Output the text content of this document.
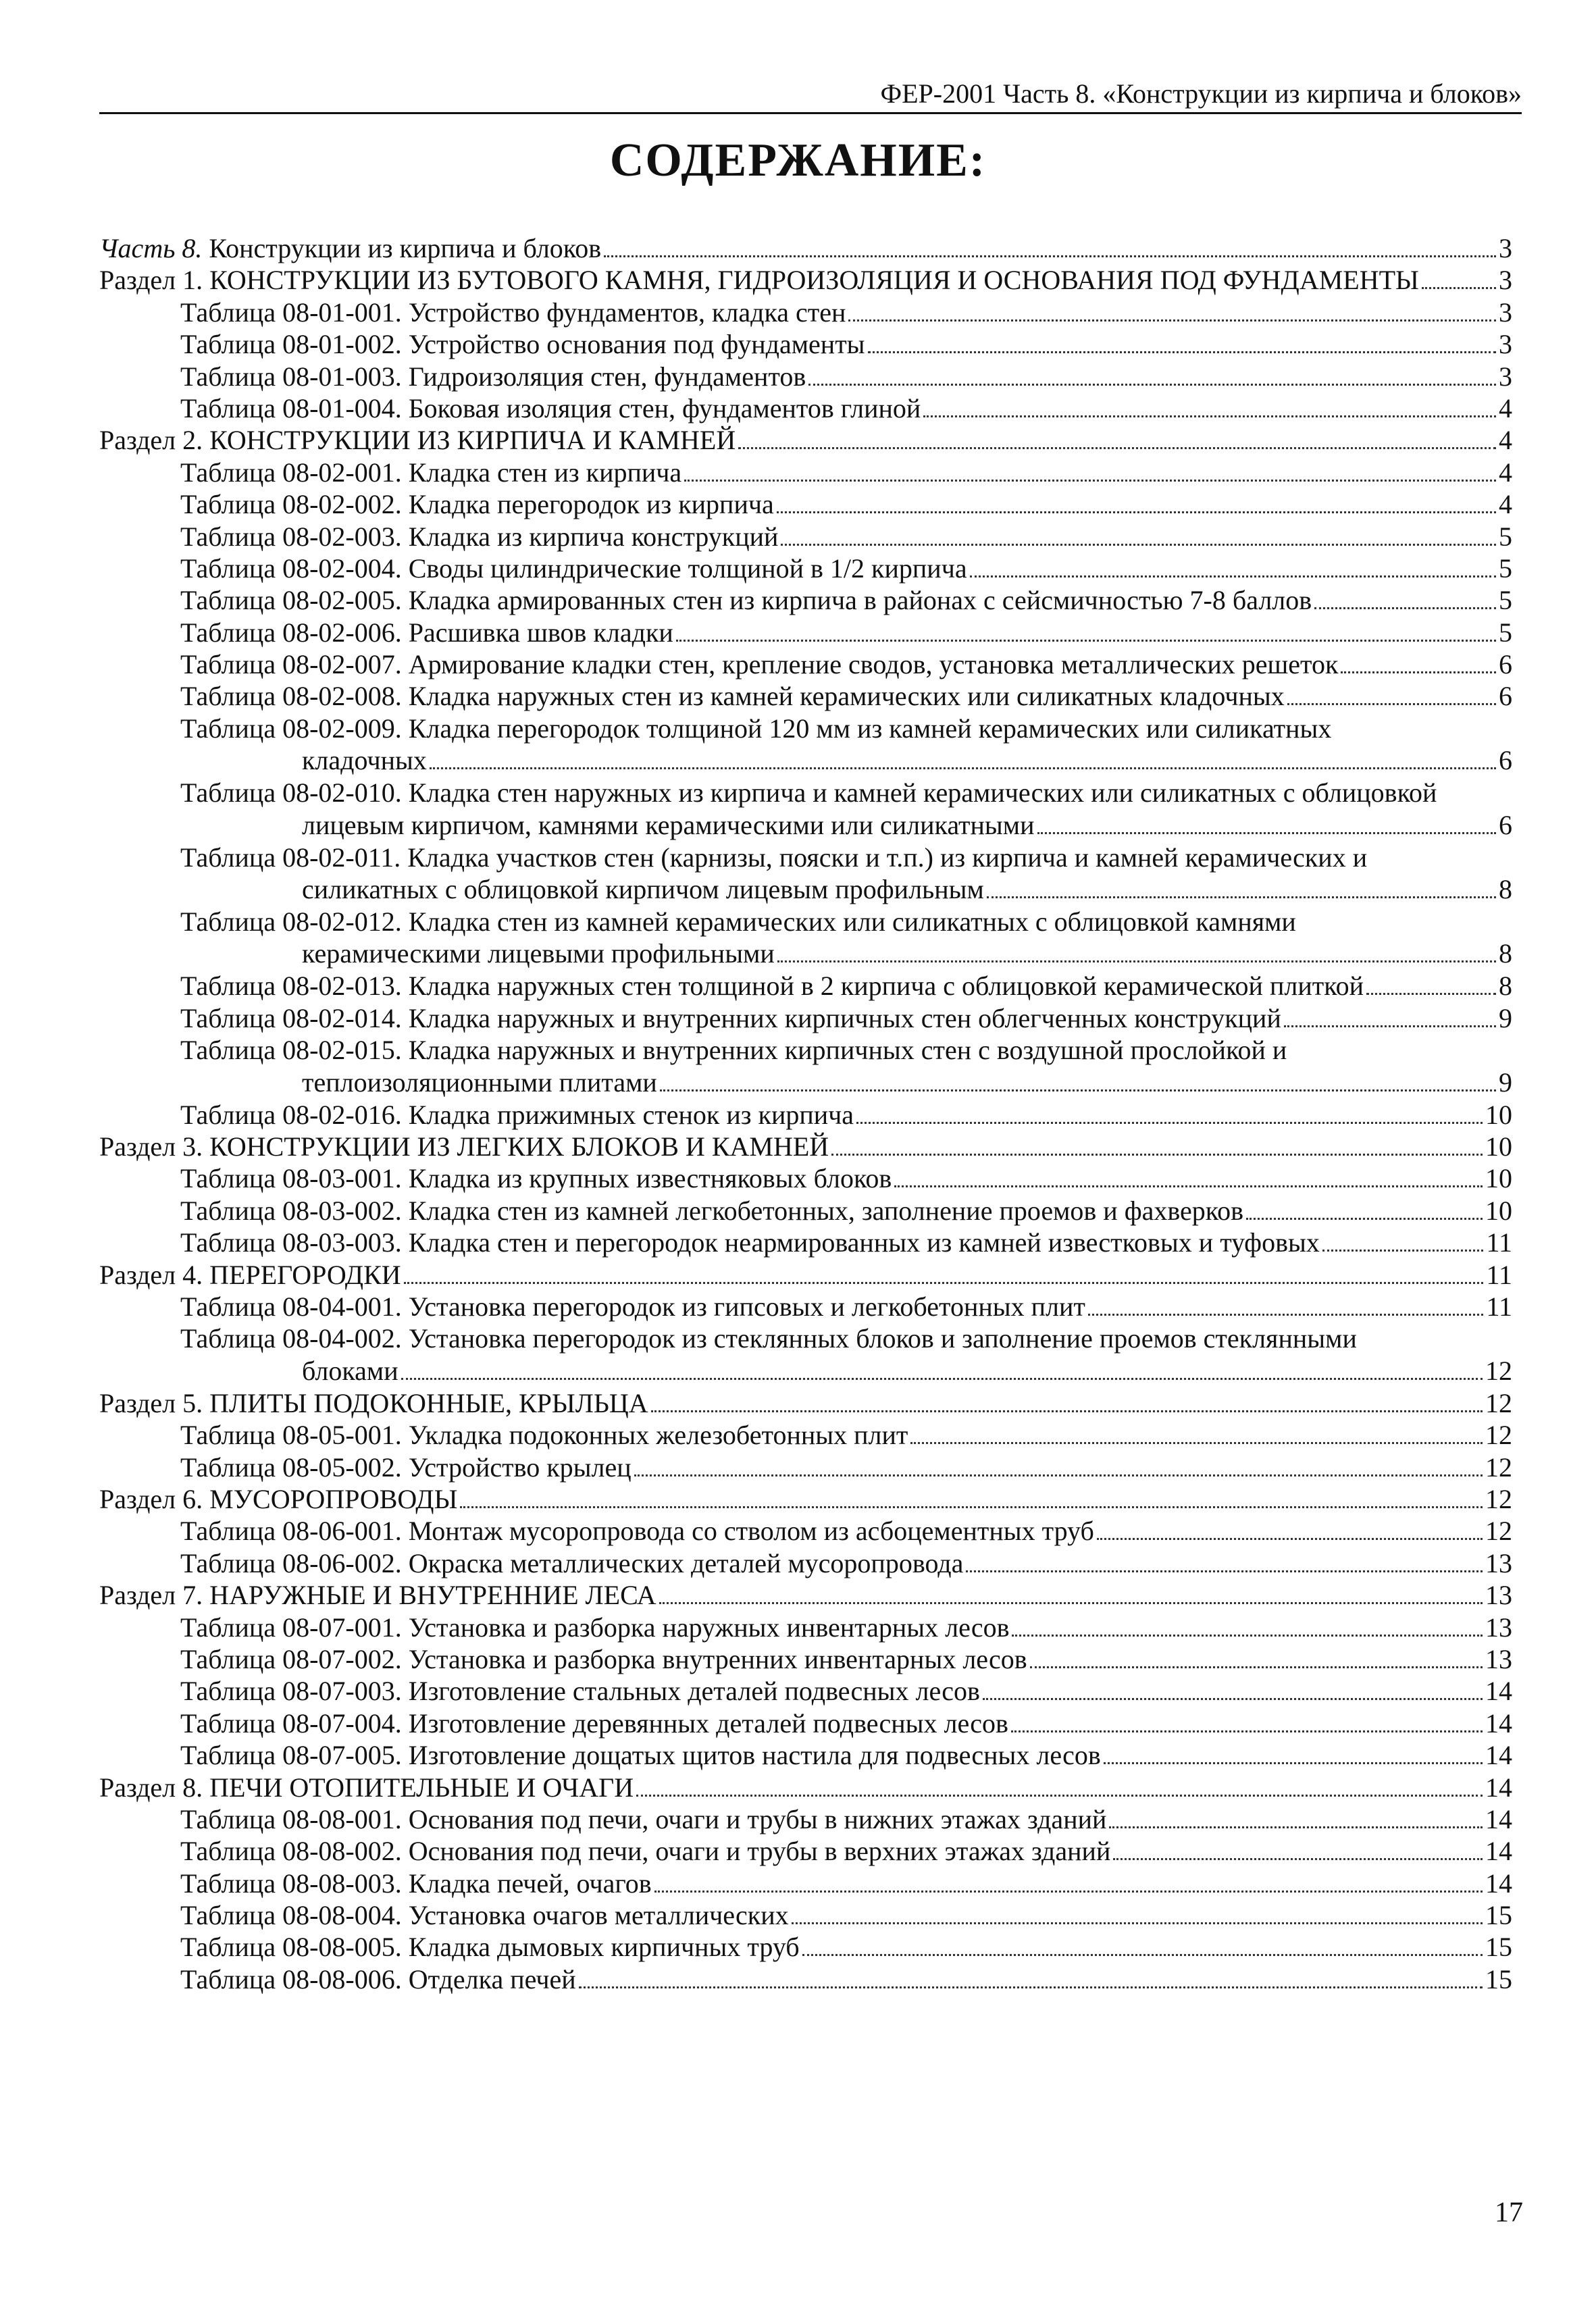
ФЕР-2001 Часть 8. «Конструкции из кирпича и блоков»
СОДЕРЖАНИЕ:
Часть 8. Конструкции из кирпича и блоков	3
Раздел 1. КОНСТРУКЦИИ ИЗ БУТОВОГО КАМНЯ, ГИДРОИЗОЛЯЦИЯ И ОСНОВАНИЯ ПОД ФУНДАМЕНТЫ	3
Таблица 08-01-001. Устройство фундаментов, кладка стен	3
Таблица 08-01-002. Устройство основания под фундаменты	3
Таблица 08-01-003. Гидроизоляция стен, фундаментов	3
Таблица 08-01-004. Боковая изоляция стен, фундаментов глиной	4
Раздел 2. КОНСТРУКЦИИ ИЗ КИРПИЧА И КАМНЕЙ	4
Таблица 08-02-001. Кладка стен из кирпича	4
Таблица 08-02-002. Кладка перегородок из кирпича	4
Таблица 08-02-003. Кладка из кирпича конструкций	5
Таблица 08-02-004. Своды цилиндрические толщиной в 1/2 кирпича	5
Таблица 08-02-005. Кладка армированных стен из кирпича в районах с сейсмичностью 7-8 баллов	5
Таблица 08-02-006. Расшивка швов кладки	5
Таблица 08-02-007. Армирование кладки стен, крепление сводов, установка металлических решеток	6
Таблица 08-02-008. Кладка наружных стен из камней керамических или силикатных кладочных	6
Таблица 08-02-009. Кладка перегородок толщиной 120 мм из камней керамических или силикатных
кладочных	6
Таблица 08-02-010. Кладка стен наружных из кирпича и камней керамических или силикатных с облицовкой
лицевым кирпичом, камнями керамическими или силикатными	6
Таблица 08-02-011. Кладка участков стен (карнизы, пояски и т.п.) из кирпича и камней керамических и
силикатных с облицовкой кирпичом лицевым профильным	8
Таблица 08-02-012. Кладка стен из камней керамических или силикатных с облицовкой камнями
керамическими лицевыми профильными	8
Таблица 08-02-013. Кладка наружных стен толщиной в 2 кирпича с облицовкой керамической плиткой	8
Таблица 08-02-014. Кладка наружных и внутренних кирпичных стен облегченных конструкций	9
Таблица 08-02-015. Кладка наружных и внутренних кирпичных стен с воздушной прослойкой и
теплоизоляционными плитами	9
Таблица 08-02-016. Кладка прижимных стенок из кирпича	10
Раздел 3. КОНСТРУКЦИИ ИЗ ЛЕГКИХ БЛОКОВ И КАМНЕЙ	10
Таблица 08-03-001. Кладка из крупных известняковых блоков	10
Таблица 08-03-002. Кладка стен из камней легкобетонных, заполнение проемов и фахверков	10
Таблица 08-03-003. Кладка стен и перегородок неармированных из камней известковых и туфовых	11
Раздел 4. ПЕРЕГОРОДКИ	11
Таблица 08-04-001. Установка перегородок из гипсовых и легкобетонных плит	11
Таблица 08-04-002. Установка перегородок из стеклянных блоков и заполнение проемов стеклянными
блоками	12
Раздел 5. ПЛИТЫ ПОДОКОННЫЕ, КРЫЛЬЦА	12
Таблица 08-05-001. Укладка подоконных железобетонных плит	12
Таблица 08-05-002. Устройство крылец	12
Раздел 6. МУСОРОПРОВОДЫ	12
Таблица 08-06-001. Монтаж мусоропровода со стволом из асбоцементных труб	12
Таблица 08-06-002. Окраска металлических деталей мусоропровода	13
Раздел 7. НАРУЖНЫЕ И ВНУТРЕННИЕ ЛЕСА	13
Таблица 08-07-001. Установка и разборка наружных инвентарных лесов	13
Таблица 08-07-002. Установка и разборка внутренних инвентарных лесов	13
Таблица 08-07-003. Изготовление стальных деталей подвесных лесов	14
Таблица 08-07-004. Изготовление деревянных деталей подвесных лесов	14
Таблица 08-07-005. Изготовление дощатых щитов настила для подвесных лесов	14
Раздел 8. ПЕЧИ ОТОПИТЕЛЬНЫЕ И ОЧАГИ	14
Таблица 08-08-001. Основания под печи, очаги и трубы в нижних этажах зданий	14
Таблица 08-08-002. Основания под печи, очаги и трубы в верхних этажах зданий	14
Таблица 08-08-003. Кладка печей, очагов	14
Таблица 08-08-004. Установка очагов металлических	15
Таблица 08-08-005. Кладка дымовых кирпичных труб	15
Таблица 08-08-006. Отделка печей	15
17
